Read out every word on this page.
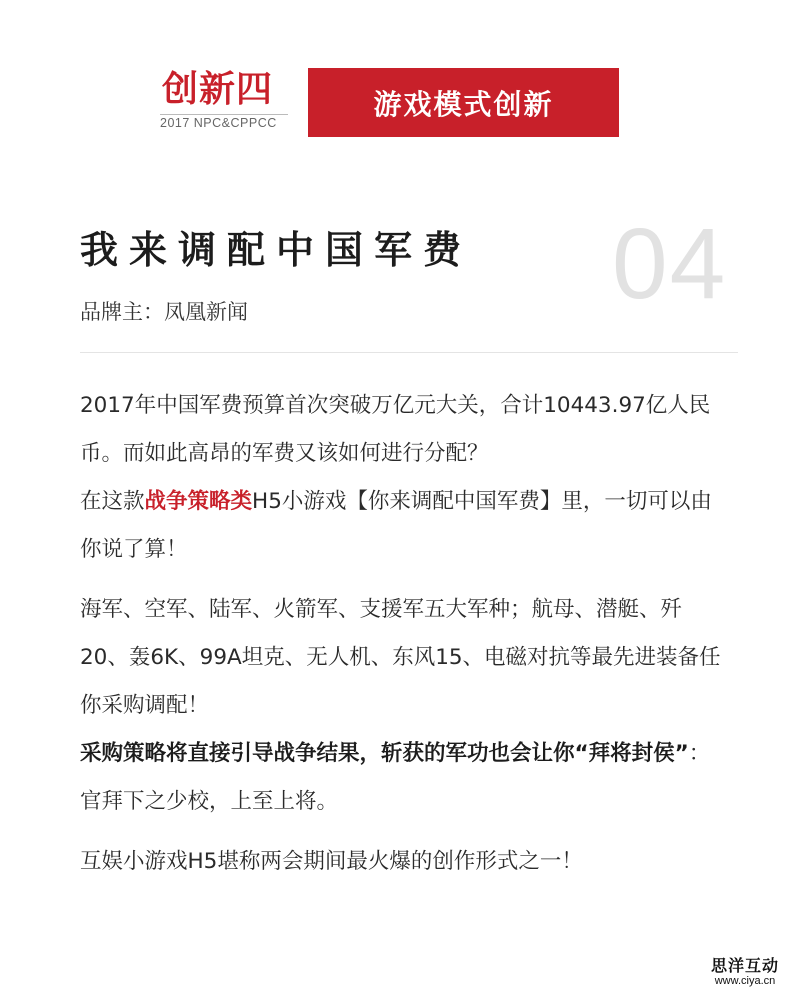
创新四
2017 NPC&CPPCC
游戏模式创新
04
我来调配中国军费
品牌主：凤凰新闻

2017年中国军费预算首次突破万亿元大关，合计10443.97亿人民币。而如此高昂的军费又该如何进行分配？

在这款战争策略类H5小游戏【你来调配中国军费】里，一切可以由你说了算！

海军、空军、陆军、火箭军、支援军五大军种；航母、潜艇、歼20、轰6K、99A坦克、无人机、东风15、电磁对抗等最先进装备任你采购调配！

采购策略将直接引导战争结果，斩获的军功也会让你“拜将封侯”：官拜下之少校，上至上将。

互娱小游戏H5堪称两会期间最火爆的创作形式之一！

思洋互动
www.ciya.cn
